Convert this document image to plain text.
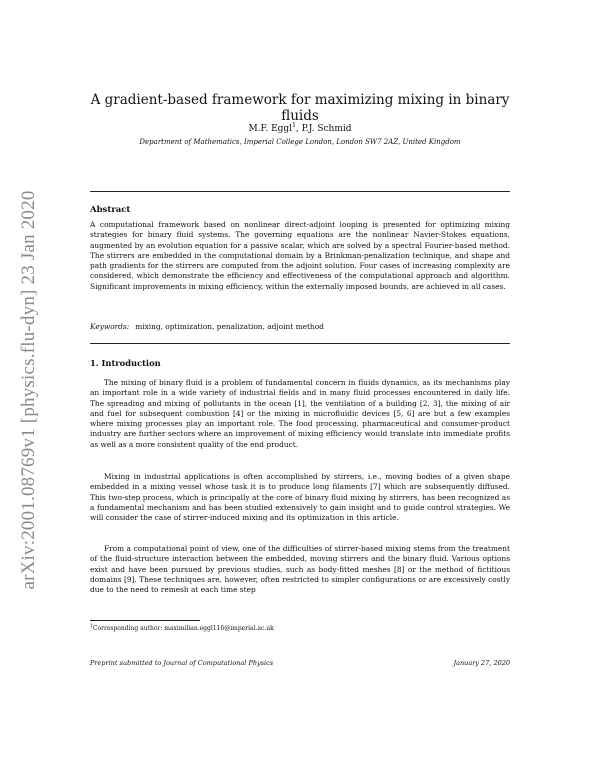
arXiv:2001.08769v1 [physics.flu-dyn] 23 Jan 2020
A gradient-based framework for maximizing mixing in binary fluids
M.F. Eggl$^1$, P.J. Schmid
Department of Mathematics, Imperial College London, London SW7 2AZ, United Kingdom
Abstract
A computational framework based on nonlinear direct-adjoint looping is presented for optimizing mixing strategies for binary fluid systems. The governing equations are the nonlinear Navier-Stokes equations, augmented by an evolution equation for a passive scalar, which are solved by a spectral Fourier-based method. The stirrers are embedded in the computational domain by a Brinkman-penalization technique, and shape and path gradients for the stirrers are computed from the adjoint solution. Four cases of increasing complexity are considered, which demonstrate the efficiency and effectiveness of the computational approach and algorithm. Significant improvements in mixing efficiency, within the externally imposed bounds, are achieved in all cases.
Keywords: mixing, optimization, penalization, adjoint method
1. Introduction

The mixing of binary fluid is a problem of fundamental concern in fluids dynamics, as its mechanisms play an important role in a wide variety of industrial fields and in many fluid processes encountered in daily life. The spreading and mixing of pollutants in the ocean [1], the ventilation of a building [2, 3], the mixing of air and fuel for subsequent combustion [4] or the mixing in microfluidic devices [5, 6] are but a few examples where mixing processes play an important role. The food processing, pharmaceutical and consumer-product industry are further sectors where an improvement of mixing efficiency would translate into immediate profits as well as a more consistent quality of the end product.

Mixing in industrial applications is often accomplished by stirrers, i.e., moving bodies of a given shape embedded in a mixing vessel whose task it is to produce long filaments [7] which are subsequently diffused. This two-step process, which is principally at the core of binary fluid mixing by stirrers, has been recognized as a fundamental mechanism and has been studied extensively to gain insight and to guide control strategies. We will consider the case of stirrer-induced mixing and its optimization in this article.

From a computational point of view, one of the difficulties of stirrer-based mixing stems from the treatment of the fluid-structure interaction between the embedded, moving stirrers and the binary fluid. Various options exist and have been pursued by previous studies, such as body-fitted meshes [8] or the method of fictitious domains [9]. These techniques are, however, often restricted to simpler configurations or are excessively costly due to the need to remesh at each time step

$^1$Corresponding author: maximilian.eggl116@imperial.ac.uk
Preprint submitted to Journal of Computational Physics	January 27, 2020
